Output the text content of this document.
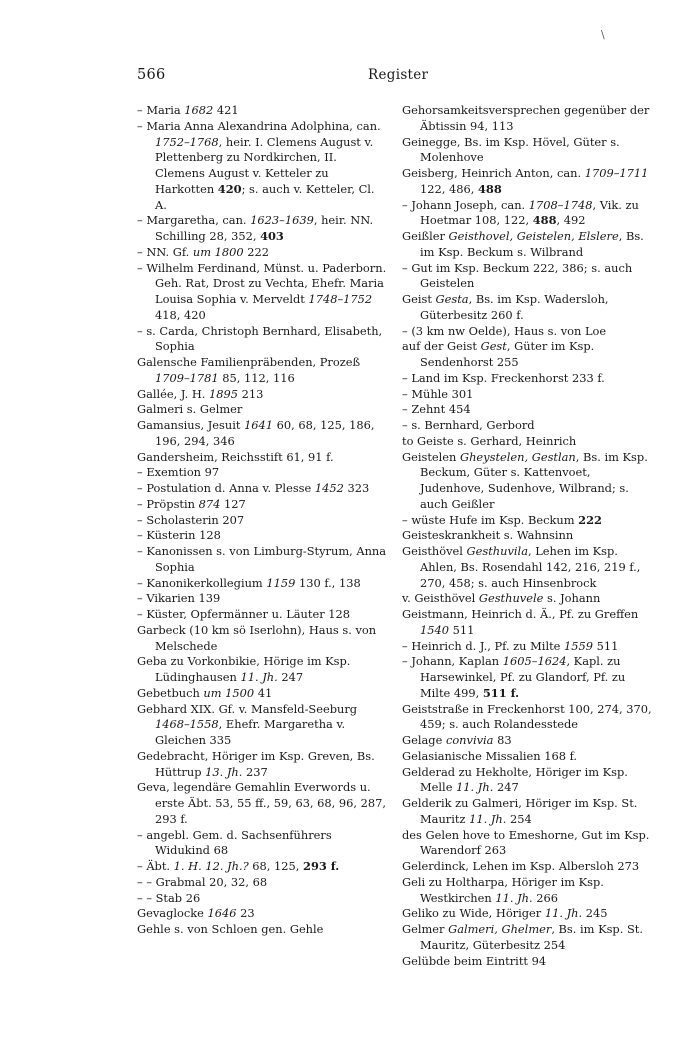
\
566	Register
– Maria 1682 421
– Maria Anna Alexandrina Adolphina, can. 1752–1768, heir. I. Clemens August v. Plettenberg zu Nordkirchen, II. Clemens August v. Ketteler zu Harkotten 420; s. auch v. Ketteler, Cl. A.
– Margaretha, can. 1623–1639, heir. NN. Schilling 28, 352, 403
– NN. Gf. um 1800 222
– Wilhelm Ferdinand, Münst. u. Paderborn. Geh. Rat, Drost zu Vechta, Ehefr. Maria Louisa Sophia v. Merveldt 1748–1752 418, 420
– s. Carda, Christoph Bernhard, Elisabeth, Sophia
Galensche Familienpräbenden, Prozeß 1709–1781 85, 112, 116
Gallée, J. H. 1895 213
Galmeri s. Gelmer
Gamansius, Jesuit 1641 60, 68, 125, 186, 196, 294, 346
Gandersheim, Reichsstift 61, 91 f.
– Exemtion 97
– Postulation d. Anna v. Plesse 1452 323
– Pröpstin 874 127
– Scholasterin 207
– Küsterin 128
– Kanonissen s. von Limburg-Styrum, Anna Sophia
– Kanonikerkollegium 1159 130 f., 138
– Vikarien 139
– Küster, Opfermänner u. Läuter 128
Garbeck (10 km sö Iserlohn), Haus s. von Melschede
Geba zu Vorkonbikie, Hörige im Ksp. Lüdinghausen 11. Jh. 247
Gebetbuch um 1500 41
Gebhard XIX. Gf. v. Mansfeld-Seeburg 1468–1558, Ehefr. Margaretha v. Gleichen 335
Gedebracht, Höriger im Ksp. Greven, Bs. Hüttrup 13. Jh. 237
Geva, legendäre Gemahlin Everwords u. erste Äbt. 53, 55 ff., 59, 63, 68, 96, 287, 293 f.
– angebl. Gem. d. Sachsenführers Widukind 68
– Äbt. 1. H. 12. Jh.? 68, 125, 293 f.
– – Grabmal 20, 32, 68
– – Stab 26
Gevaglocke 1646 23
Gehle s. von Schloen gen. Gehle
Gehorsamkeitsversprechen gegenüber der Äbtissin 94, 113
Geinegge, Bs. im Ksp. Hövel, Güter s. Molenhove
Geisberg, Heinrich Anton, can. 1709–1711 122, 486, 488
– Johann Joseph, can. 1708–1748, Vik. zu Hoetmar 108, 122, 488, 492
Geißler Geisthovel, Geistelen, Elslere, Bs. im Ksp. Beckum s. Wilbrand
– Gut im Ksp. Beckum 222, 386; s. auch Geistelen
Geist Gesta, Bs. im Ksp. Wadersloh, Güterbesitz 260 f.
– (3 km nw Oelde), Haus s. von Loe
auf der Geist Gest, Güter im Ksp. Sendenhorst 255
– Land im Ksp. Freckenhorst 233 f.
– Mühle 301
– Zehnt 454
– s. Bernhard, Gerbord
to Geiste s. Gerhard, Heinrich
Geistelen Gheystelen, Gestlan, Bs. im Ksp. Beckum, Güter s. Kattenvoet, Judenhove, Sudenhove, Wilbrand; s. auch Geißler
– wüste Hufe im Ksp. Beckum 222
Geisteskrankheit s. Wahnsinn
Geisthövel Gesthuvila, Lehen im Ksp. Ahlen, Bs. Rosendahl 142, 216, 219 f., 270, 458; s. auch Hinsenbrock
v. Geisthövel Gesthuvele s. Johann
Geistmann, Heinrich d. Ä., Pf. zu Greffen 1540 511
– Heinrich d. J., Pf. zu Milte 1559 511
– Johann, Kaplan 1605–1624, Kapl. zu Harsewinkel, Pf. zu Glandorf, Pf. zu Milte 499, 511 f.
Geiststraße in Freckenhorst 100, 274, 370, 459; s. auch Rolandesstede
Gelage convivia 83
Gelasianische Missalien 168 f.
Gelderad zu Hekholte, Höriger im Ksp. Melle 11. Jh. 247
Gelderik zu Galmeri, Höriger im Ksp. St. Mauritz 11. Jh. 254
des Gelen hove to Emeshorne, Gut im Ksp. Warendorf 263
Gelerdinck, Lehen im Ksp. Albersloh 273
Geli zu Holtharpa, Höriger im Ksp. Westkirchen 11. Jh. 266
Geliko zu Wide, Höriger 11. Jh. 245
Gelmer Galmeri, Ghelmer, Bs. im Ksp. St. Mauritz, Güterbesitz 254
Gelübde beim Eintritt 94
